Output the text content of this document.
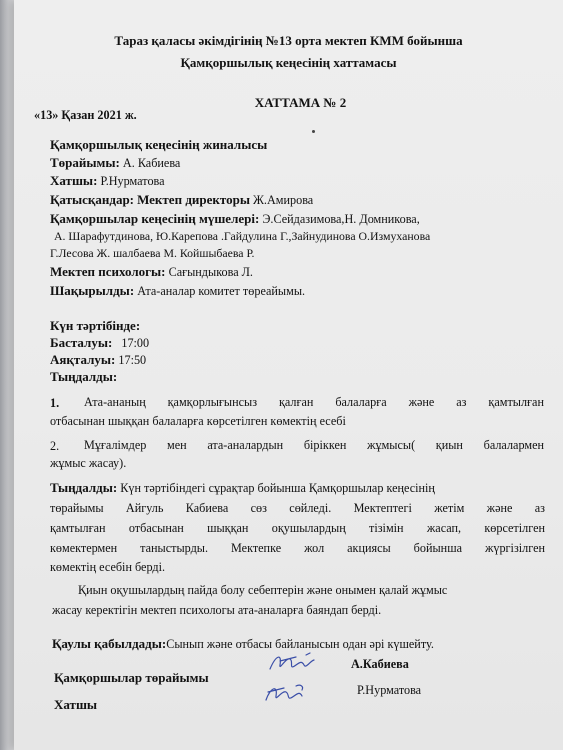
Тараз қаласы әкімдігінің №13 орта мектеп КММ бойынша
Қамқоршылық кеңесінің хаттамасы
ХАТТАМА № 2
«13» Қазан 2021 ж.
Қамқоршылық кеңесінің жиналысы
Төрайымы: А. Кабиева
Хатшы: Р.Нурматова
Қатысқандар: Мектеп директоры Ж.Амирова
Қамқоршылар кеңесінің мүшелері: Э.Сейдазимова,Н. Домникова,
А. Шарафутдинова, Ю.Карепова .Гайдулина Г.,Зайнудинова О.Измуханова
Г.Лесова Ж. шалбаева М. Койшыбаева Р.
Мектеп психологы: Сағындыкова Л.
Шақырылды: Ата-аналар комитет төреайымы.
Күн тәртібінде:
Басталуы: 17:00
Аяқталуы: 17:50
Тыңдалды:
1. Ата-ананың қамқорлығынсыз қалған балаларға және аз қамтылған
отбасынан шыққан балаларға көрсетілген көмектің есебі
2. Мұғалімдер мен ата-аналардын біріккен жұмысы( қиын балалармен
жұмыс жасау).
Тыңдалды: Күн тәртібіндегі сұрақтар бойынша Қамқоршылар кеңесінің
төрайымы Айгуль Кабиева сөз сөйледі. Мектептегі жетім және аз
қамтылған отбасынан шыққан оқушылардың тізімін жасап, көрсетілген
көмектермен таныстырды. Мектепке жол акциясы бойынша жүргізілген
көмектің есебін берді.
Қиын оқушылардың пайда болу себептерін және онымен қалай жұмыс
жасау керектігін мектеп психологы ата-аналарға баяндап берді.
Қаулы қабылдады:Сынып және отбасы байланысын одан әрі күшейту.
Қамқоршылар төрайымы
А.Кабиева
Р.Нурматова
Хатшы
